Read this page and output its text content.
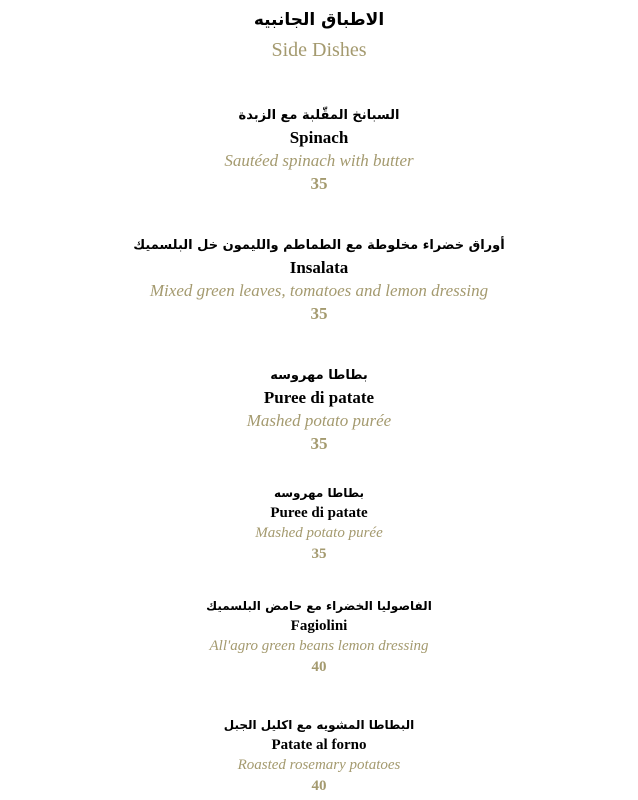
الاطباق الجانبيه
Side Dishes
السبانخ المقّلبة مع الزبدة
Spinach
Sautéed spinach with butter
35
أوراق خضراء مخلوطة مع الطماطم والليمون خل البلسميك
Insalata
Mixed green leaves, tomatoes and lemon dressing
35
بطاطا مهروسه
Puree di patate
Mashed potato purée
35
بطاطا مهروسه
Puree di patate
Mashed potato purée
35
الفاصوليا الخضراء مع حامض البلسميك
Fagiolini
All'agro green beans lemon dressing
40
البطاطا المشويه مع اكليل الجبل
Patate al forno
Roasted rosemary potatoes
40
